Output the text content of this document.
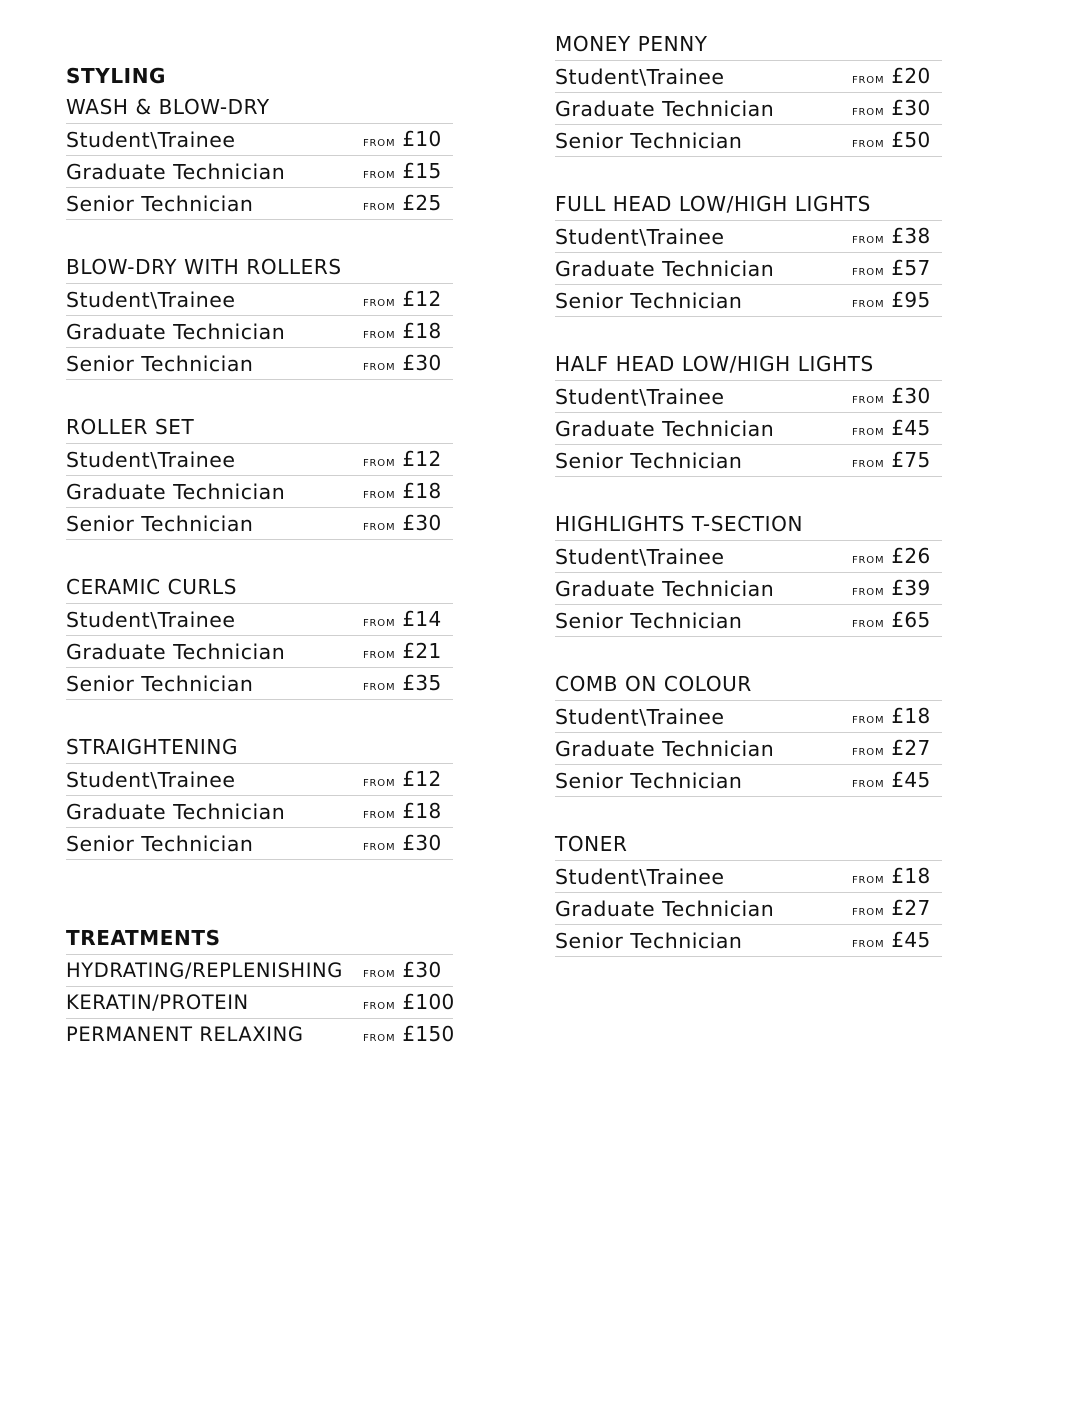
STYLING
WASH & BLOW-DRY
Student\Trainee	FROM £10
Graduate Technician	FROM £15
Senior Technician	FROM £25
BLOW-DRY WITH ROLLERS
Student\Trainee	FROM £12
Graduate Technician	FROM £18
Senior Technician	FROM £30
ROLLER SET
Student\Trainee	FROM £12
Graduate Technician	FROM £18
Senior Technician	FROM £30
CERAMIC CURLS
Student\Trainee	FROM £14
Graduate Technician	FROM £21
Senior Technician	FROM £35
STRAIGHTENING
Student\Trainee	FROM £12
Graduate Technician	FROM £18
Senior Technician	FROM £30
TREATMENTS
HYDRATING/REPLENISHING	FROM £30
KERATIN/PROTEIN	FROM £100
PERMANENT RELAXING	FROM £150
MONEY PENNY
Student\Trainee	FROM £20
Graduate Technician	FROM £30
Senior Technician	FROM £50
FULL HEAD LOW/HIGH LIGHTS
Student\Trainee	FROM £38
Graduate Technician	FROM £57
Senior Technician	FROM £95
HALF HEAD LOW/HIGH LIGHTS
Student\Trainee	FROM £30
Graduate Technician	FROM £45
Senior Technician	FROM £75
HIGHLIGHTS T-SECTION
Student\Trainee	FROM £26
Graduate Technician	FROM £39
Senior Technician	FROM £65
COMB ON COLOUR
Student\Trainee	FROM £18
Graduate Technician	FROM £27
Senior Technician	FROM £45
TONER
Student\Trainee	FROM £18
Graduate Technician	FROM £27
Senior Technician	FROM £45
